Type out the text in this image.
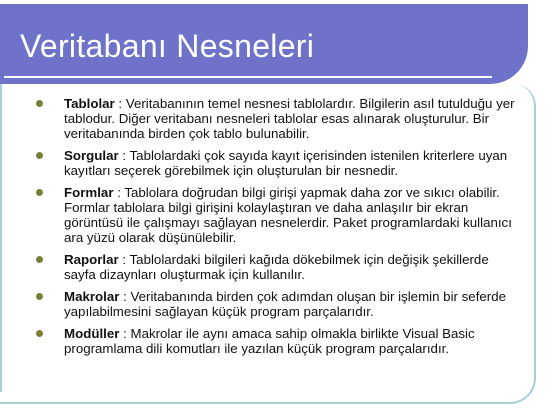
Veritabanı Nesneleri
Tablolar : Veritabanının temel nesnesi tablolardır. Bilgilerin asıl tutulduğu yer tablodur. Diğer veritabanı nesneleri tablolar esas alınarak oluşturulur. Bir veritabanında birden çok tablo bulunabilir.
Sorgular : Tablolardaki çok sayıda kayıt içerisinden istenilen kriterlere uyan kayıtları seçerek görebilmek için oluşturulan bir nesnedir.
Formlar : Tablolara doğrudan bilgi girişi yapmak daha zor ve sıkıcı olabilir. Formlar tablolara bilgi girişini kolaylaştıran ve daha anlaşılır bir ekran görüntüsü ile çalışmayı sağlayan nesnelerdir. Paket programlardaki kullanıcı ara yüzü olarak düşünülebilir.
Raporlar : Tablolardaki bilgileri kağıda dökebilmek için değişik şekillerde sayfa dizaynları oluşturmak için kullanılır.
Makrolar : Veritabanında birden çok adımdan oluşan bir işlemin bir seferde yapılabilmesini sağlayan küçük program parçalarıdır.
Modüller : Makrolar ile aynı amaca sahip olmakla birlikte Visual Basic programlama dili komutları ile yazılan küçük program parçalarıdır.
